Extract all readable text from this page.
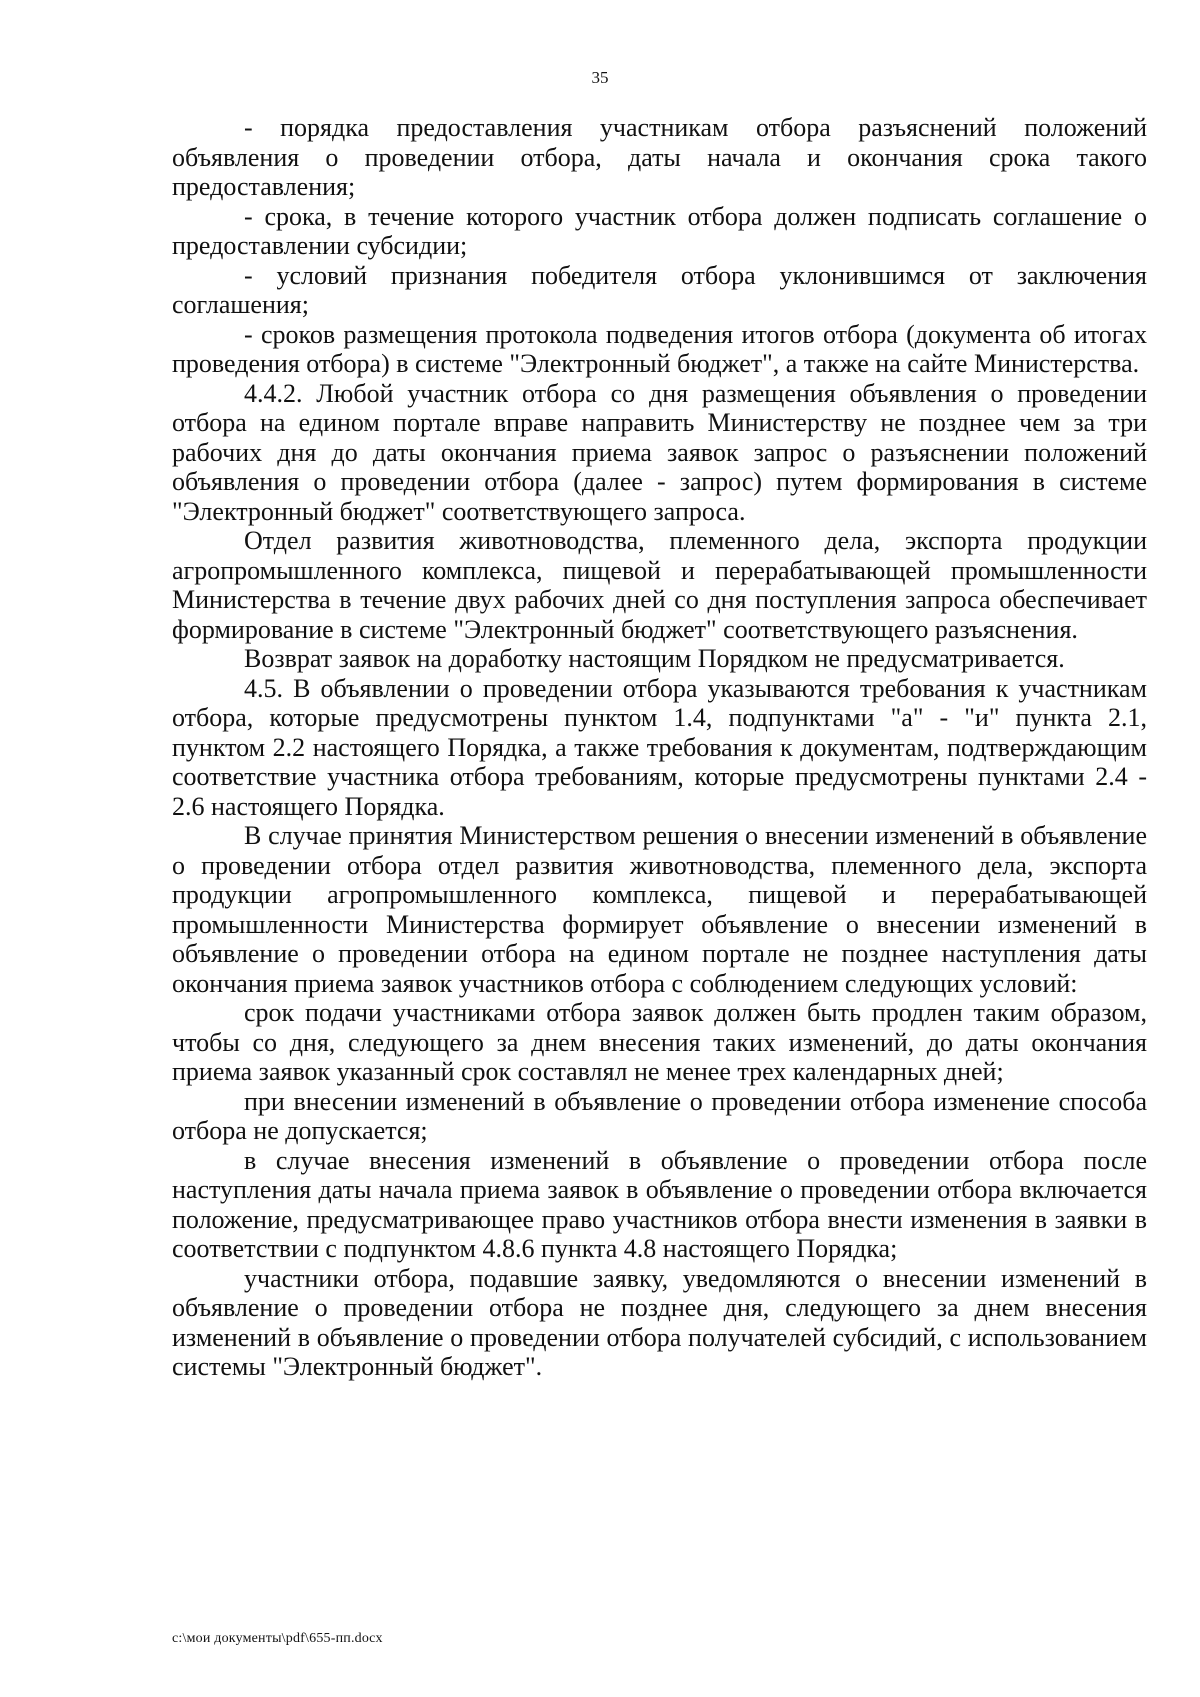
35

- порядка предоставления участникам отбора разъяснений положений объявления о проведении отбора, даты начала и окончания срока такого предоставления;

- срока, в течение которого участник отбора должен подписать соглашение о предоставлении субсидии;

- условий признания победителя отбора уклонившимся от заключения соглашения;

- сроков размещения протокола подведения итогов отбора (документа об итогах проведения отбора) в системе "Электронный бюджет", а также на сайте Министерства.

4.4.2. Любой участник отбора со дня размещения объявления о проведении отбора на едином портале вправе направить Министерству не позднее чем за три рабочих дня до даты окончания приема заявок запрос о разъяснении положений объявления о проведении отбора (далее - запрос) путем формирования в системе "Электронный бюджет" соответствующего запроса.

Отдел развития животноводства, племенного дела, экспорта продукции агропромышленного комплекса, пищевой и перерабатывающей промышленности Министерства в течение двух рабочих дней со дня поступления запроса обеспечивает формирование в системе "Электронный бюджет" соответствующего разъяснения.

Возврат заявок на доработку настоящим Порядком не предусматривается.

4.5. В объявлении о проведении отбора указываются требования к участникам отбора, которые предусмотрены пунктом 1.4, подпунктами "а" - "и" пункта 2.1, пунктом 2.2 настоящего Порядка, а также требования к документам, подтверждающим соответствие участника отбора требованиям, которые предусмотрены пунктами 2.4 - 2.6 настоящего Порядка.

В случае принятия Министерством решения о внесении изменений в объявление о проведении отбора отдел развития животноводства, племенного дела, экспорта продукции агропромышленного комплекса, пищевой и перерабатывающей промышленности Министерства формирует объявление о внесении изменений в объявление о проведении отбора на едином портале не позднее наступления даты окончания приема заявок участников отбора с соблюдением следующих условий:

срок подачи участниками отбора заявок должен быть продлен таким образом, чтобы со дня, следующего за днем внесения таких изменений, до даты окончания приема заявок указанный срок составлял не менее трех календарных дней;

при внесении изменений в объявление о проведении отбора изменение способа отбора не допускается;

в случае внесения изменений в объявление о проведении отбора после наступления даты начала приема заявок в объявление о проведении отбора включается положение, предусматривающее право участников отбора внести изменения в заявки в соответствии с подпунктом 4.8.6 пункта 4.8 настоящего Порядка;

участники отбора, подавшие заявку, уведомляются о внесении изменений в объявление о проведении отбора не позднее дня, следующего за днем внесения изменений в объявление о проведении отбора получателей субсидий, с использованием системы "Электронный бюджет".

c:\мои документы\pdf\655-пп.docx
